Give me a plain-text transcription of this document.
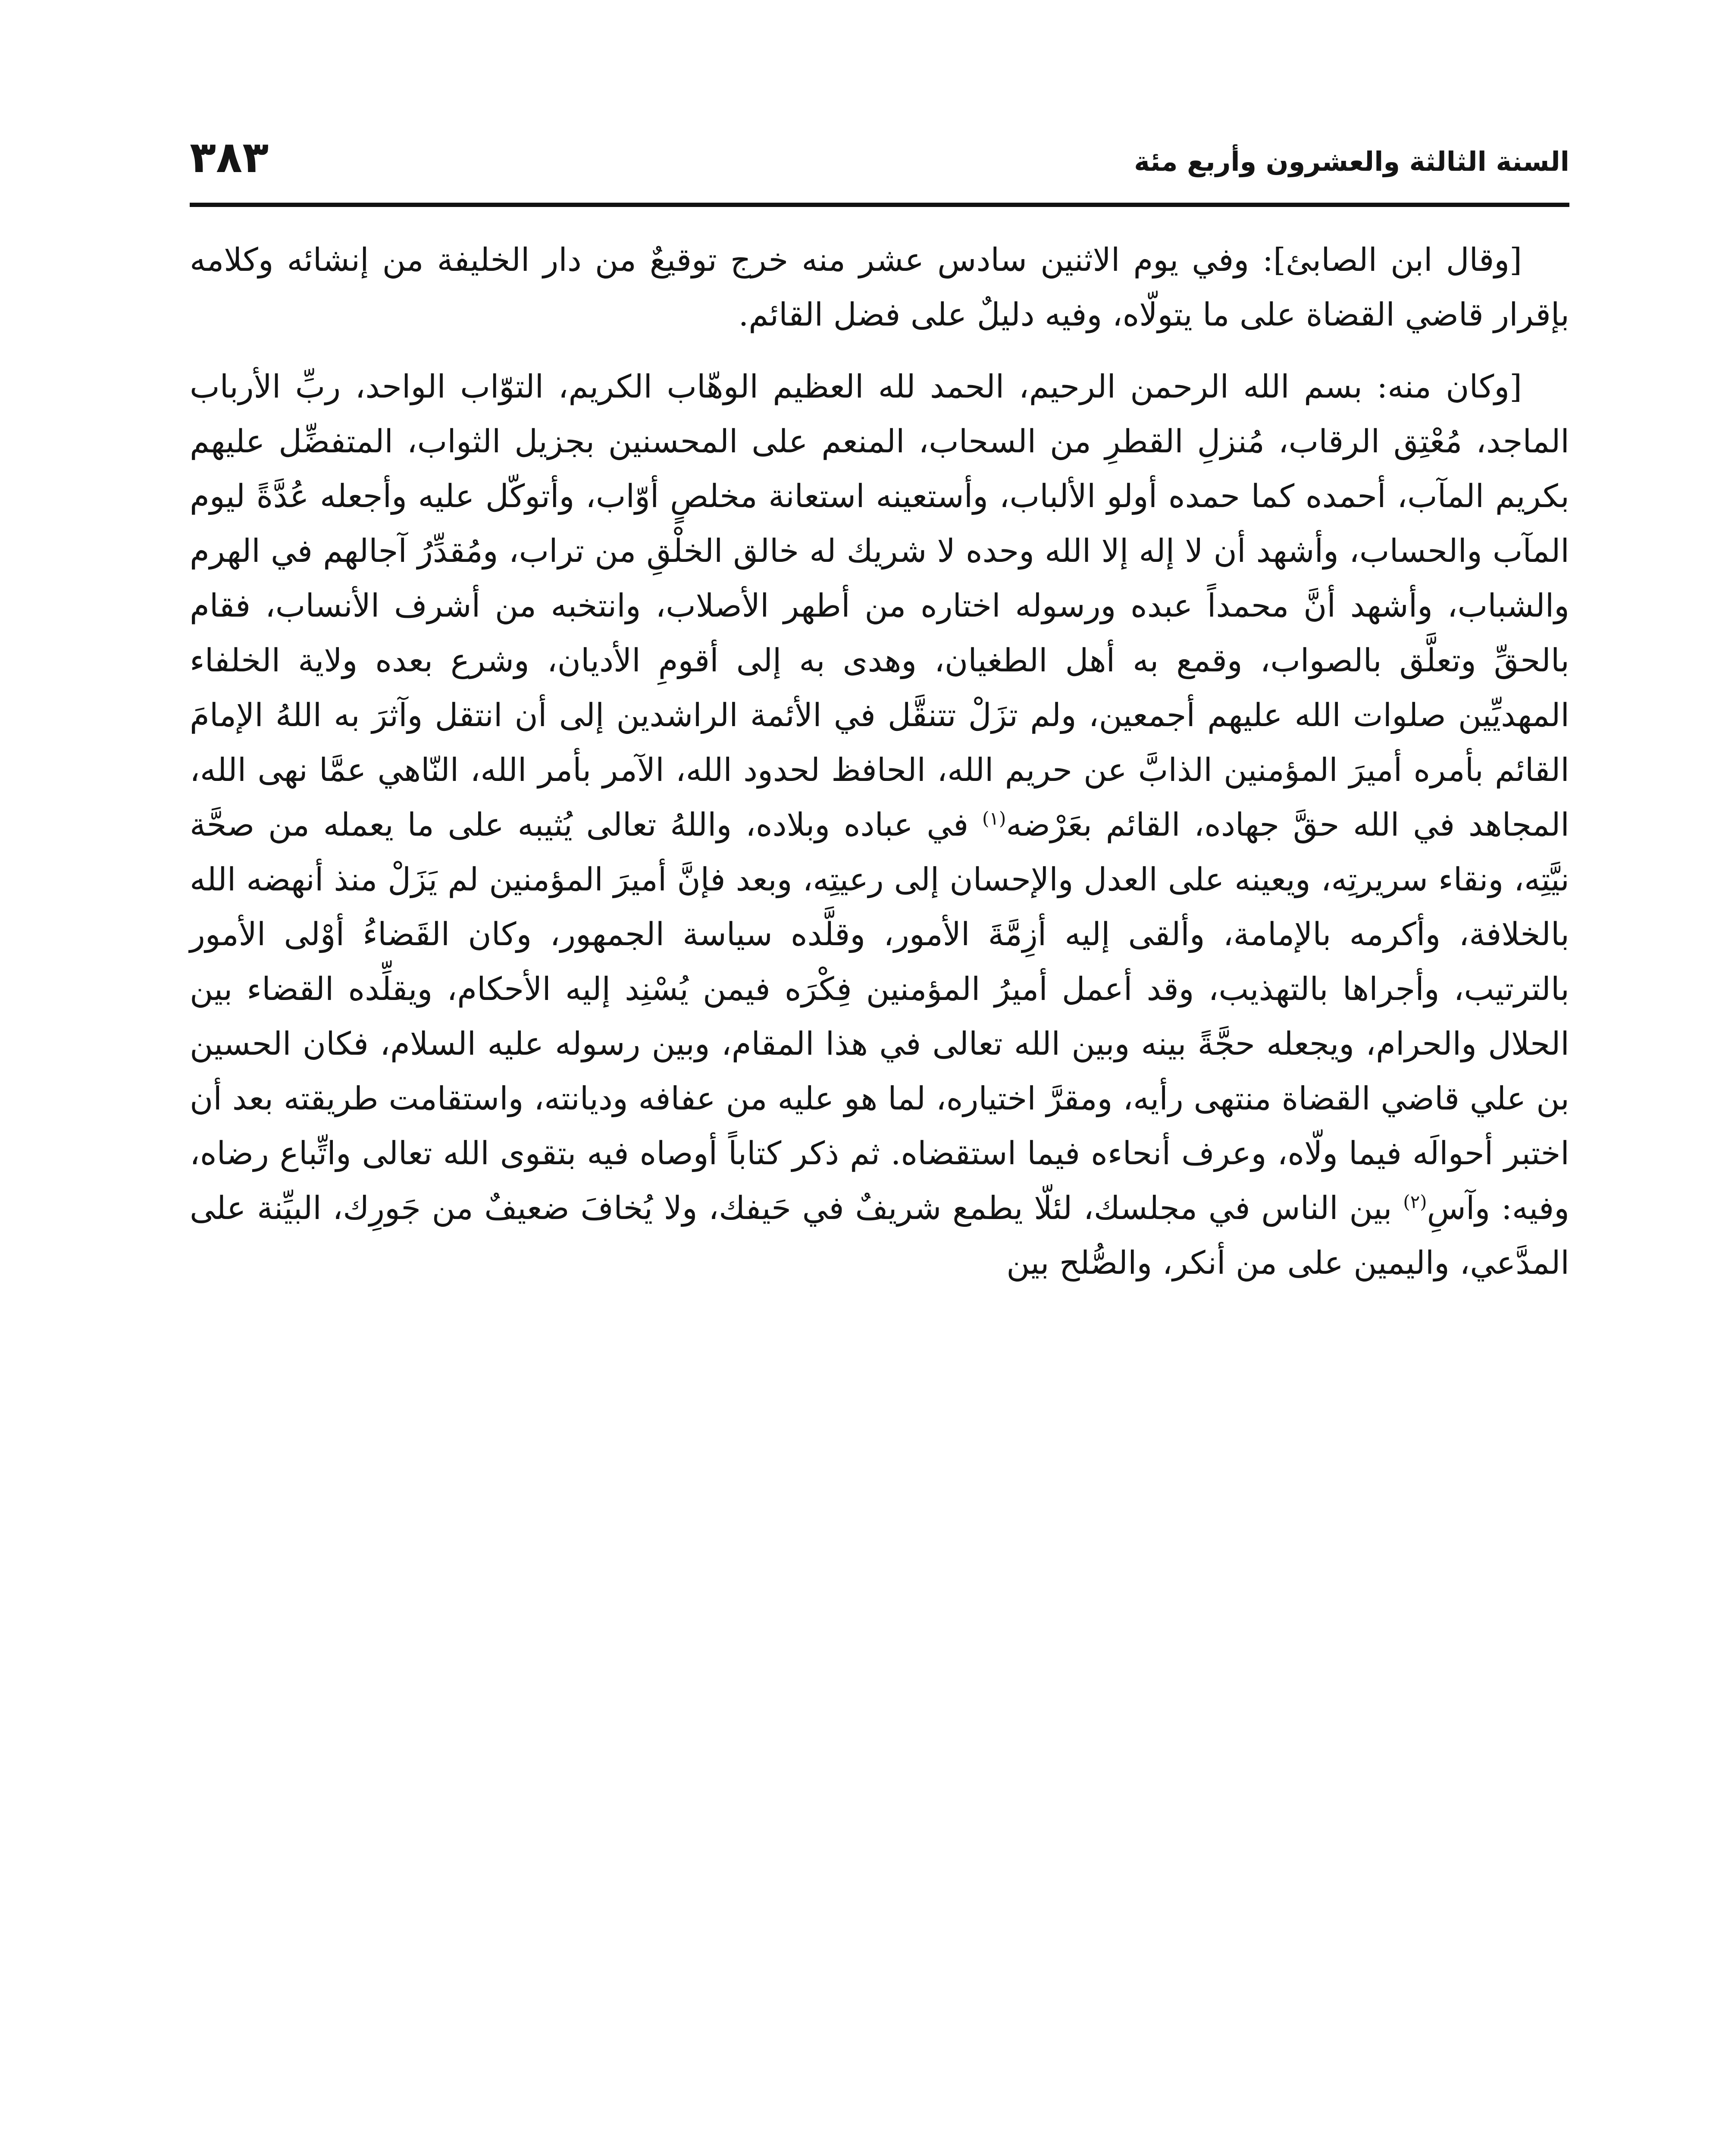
السنة الثالثة والعشرون وأربع مئة
٣٨٣

[وقال ابن الصابئ]: وفي يوم الاثنين سادس عشر منه خرج توقيعٌ من دار الخليفة من إنشائه وكلامه بإقرار قاضي القضاة على ما يتولّاه، وفيه دليلٌ على فضل القائم.

[وكان منه: بسم الله الرحمن الرحيم، الحمد لله العظيم الوهّاب الكريم، التوّاب الواحد، ربِّ الأرباب الماجد، مُعْتِق الرقاب، مُنزلِ القطرِ من السحاب، المنعم على المحسنين بجزيل الثواب، المتفضِّل عليهم بكريم المآب، أحمده كما حمده أولو الألباب، وأستعينه استعانة مخلصٍ أوّاب، وأتوكّل عليه وأجعله عُدَّةً ليوم المآب والحساب، وأشهد أن لا إله إلا الله وحده لا شريك له خالق الخلْقِ من تراب، ومُقدِّرُ آجالهم في الهرم والشباب، وأشهد أنَّ محمداً عبده ورسوله اختاره من أطهر الأصلاب، وانتخبه من أشرف الأنساب، فقام بالحقِّ وتعلَّق بالصواب، وقمع به أهل الطغيان، وهدى به إلى أقومِ الأديان، وشرع بعده ولاية الخلفاء المهديِّين صلوات الله عليهم أجمعين، ولم تزَلْ تتنقَّل في الأئمة الراشدين إلى أن انتقل وآثرَ به اللهُ الإمامَ القائم بأمره أميرَ المؤمنين الذابَّ عن حريم الله، الحافظ لحدود الله، الآمر بأمر الله، النّاهي عمَّا نهى الله، المجاهد في الله حقَّ جهاده، القائم بعَرْضه$^{(١)}$ في عباده وبلاده، واللهُ تعالى يُثيبه على ما يعمله من صحَّة نيَّتِه، ونقاء سريرتِه، ويعينه على العدل والإحسان إلى رعيتِه، وبعد فإنَّ أميرَ المؤمنين لم يَزَلْ منذ أنهضه الله بالخلافة، وأكرمه بالإمامة، وألقى إليه أزِمَّةَ الأمور، وقلَّده سياسة الجمهور، وكان القَضاءُ أوْلى الأمور بالترتيب، وأجراها بالتهذيب، وقد أعمل أميرُ المؤمنين فِكْرَه فيمن يُسْنِد إليه الأحكام، ويقلِّده القضاء بين الحلال والحرام، ويجعله حجَّةً بينه وبين الله تعالى في هذا المقام، وبين رسوله عليه السلام، فكان الحسين بن علي قاضي القضاة منتهى رأيه، ومقرَّ اختياره، لما هو عليه من عفافه وديانته، واستقامت طريقته بعد أن اختبر أحوالَه فيما ولّاه، وعرف أنحاءه فيما استقضاه. ثم ذكر كتاباً أوصاه فيه بتقوى الله تعالى واتِّباع رضاه، وفيه: وآسِ$^{(٢)}$ بين الناس في مجلسك، لئلّا يطمع شريفٌ في حَيفك، ولا يُخافَ ضعيفٌ من جَورِك، البيِّنة على المدَّعي، واليمين على من أنكر، والصُّلح بين
